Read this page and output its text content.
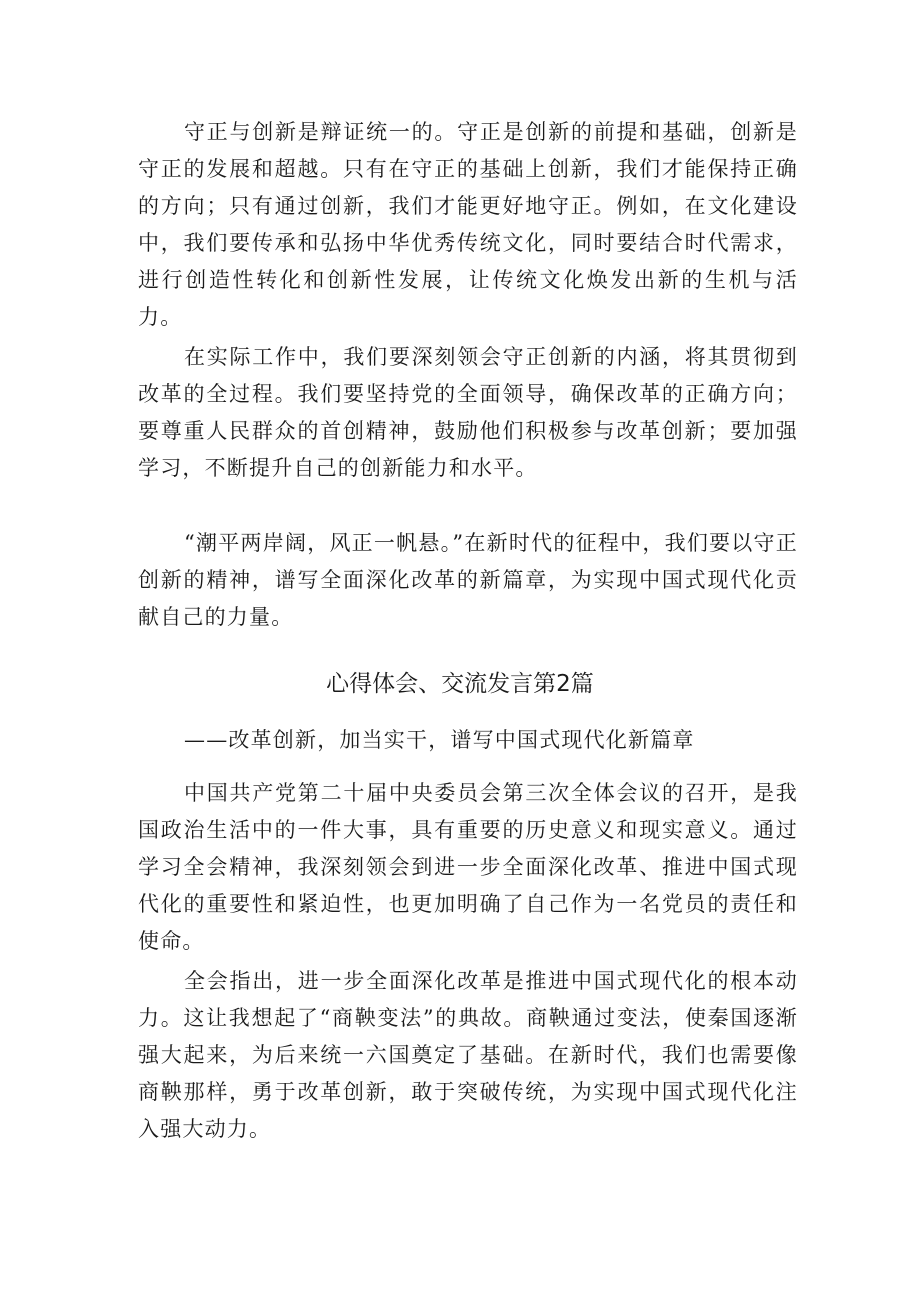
守正与创新是辩证统一的。守正是创新的前提和基础，创新是守正的发展和超越。只有在守正的基础上创新，我们才能保持正确的方向；只有通过创新，我们才能更好地守正。例如，在文化建设中，我们要传承和弘扬中华优秀传统文化，同时要结合时代需求，进行创造性转化和创新性发展，让传统文化焕发出新的生机与活力。

在实际工作中，我们要深刻领会守正创新的内涵，将其贯彻到改革的全过程。我们要坚持党的全面领导，确保改革的正确方向；要尊重人民群众的首创精神，鼓励他们积极参与改革创新；要加强学习，不断提升自己的创新能力和水平。

“潮平两岸阔，风正一帆悬。”在新时代的征程中，我们要以守正创新的精神，谱写全面深化改革的新篇章，为实现中国式现代化贡献自己的力量。

心得体会、交流发言第2篇

——改革创新，加当实干，谱写中国式现代化新篇章

中国共产党第二十届中央委员会第三次全体会议的召开，是我国政治生活中的一件大事，具有重要的历史意义和现实意义。通过学习全会精神，我深刻领会到进一步全面深化改革、推进中国式现代化的重要性和紧迫性，也更加明确了自己作为一名党员的责任和使命。

全会指出，进一步全面深化改革是推进中国式现代化的根本动力。这让我想起了“商鞅变法”的典故。商鞅通过变法，使秦国逐渐强大起来，为后来统一六国奠定了基础。在新时代，我们也需要像商鞅那样，勇于改革创新，敢于突破传统，为实现中国式现代化注入强大动力。
